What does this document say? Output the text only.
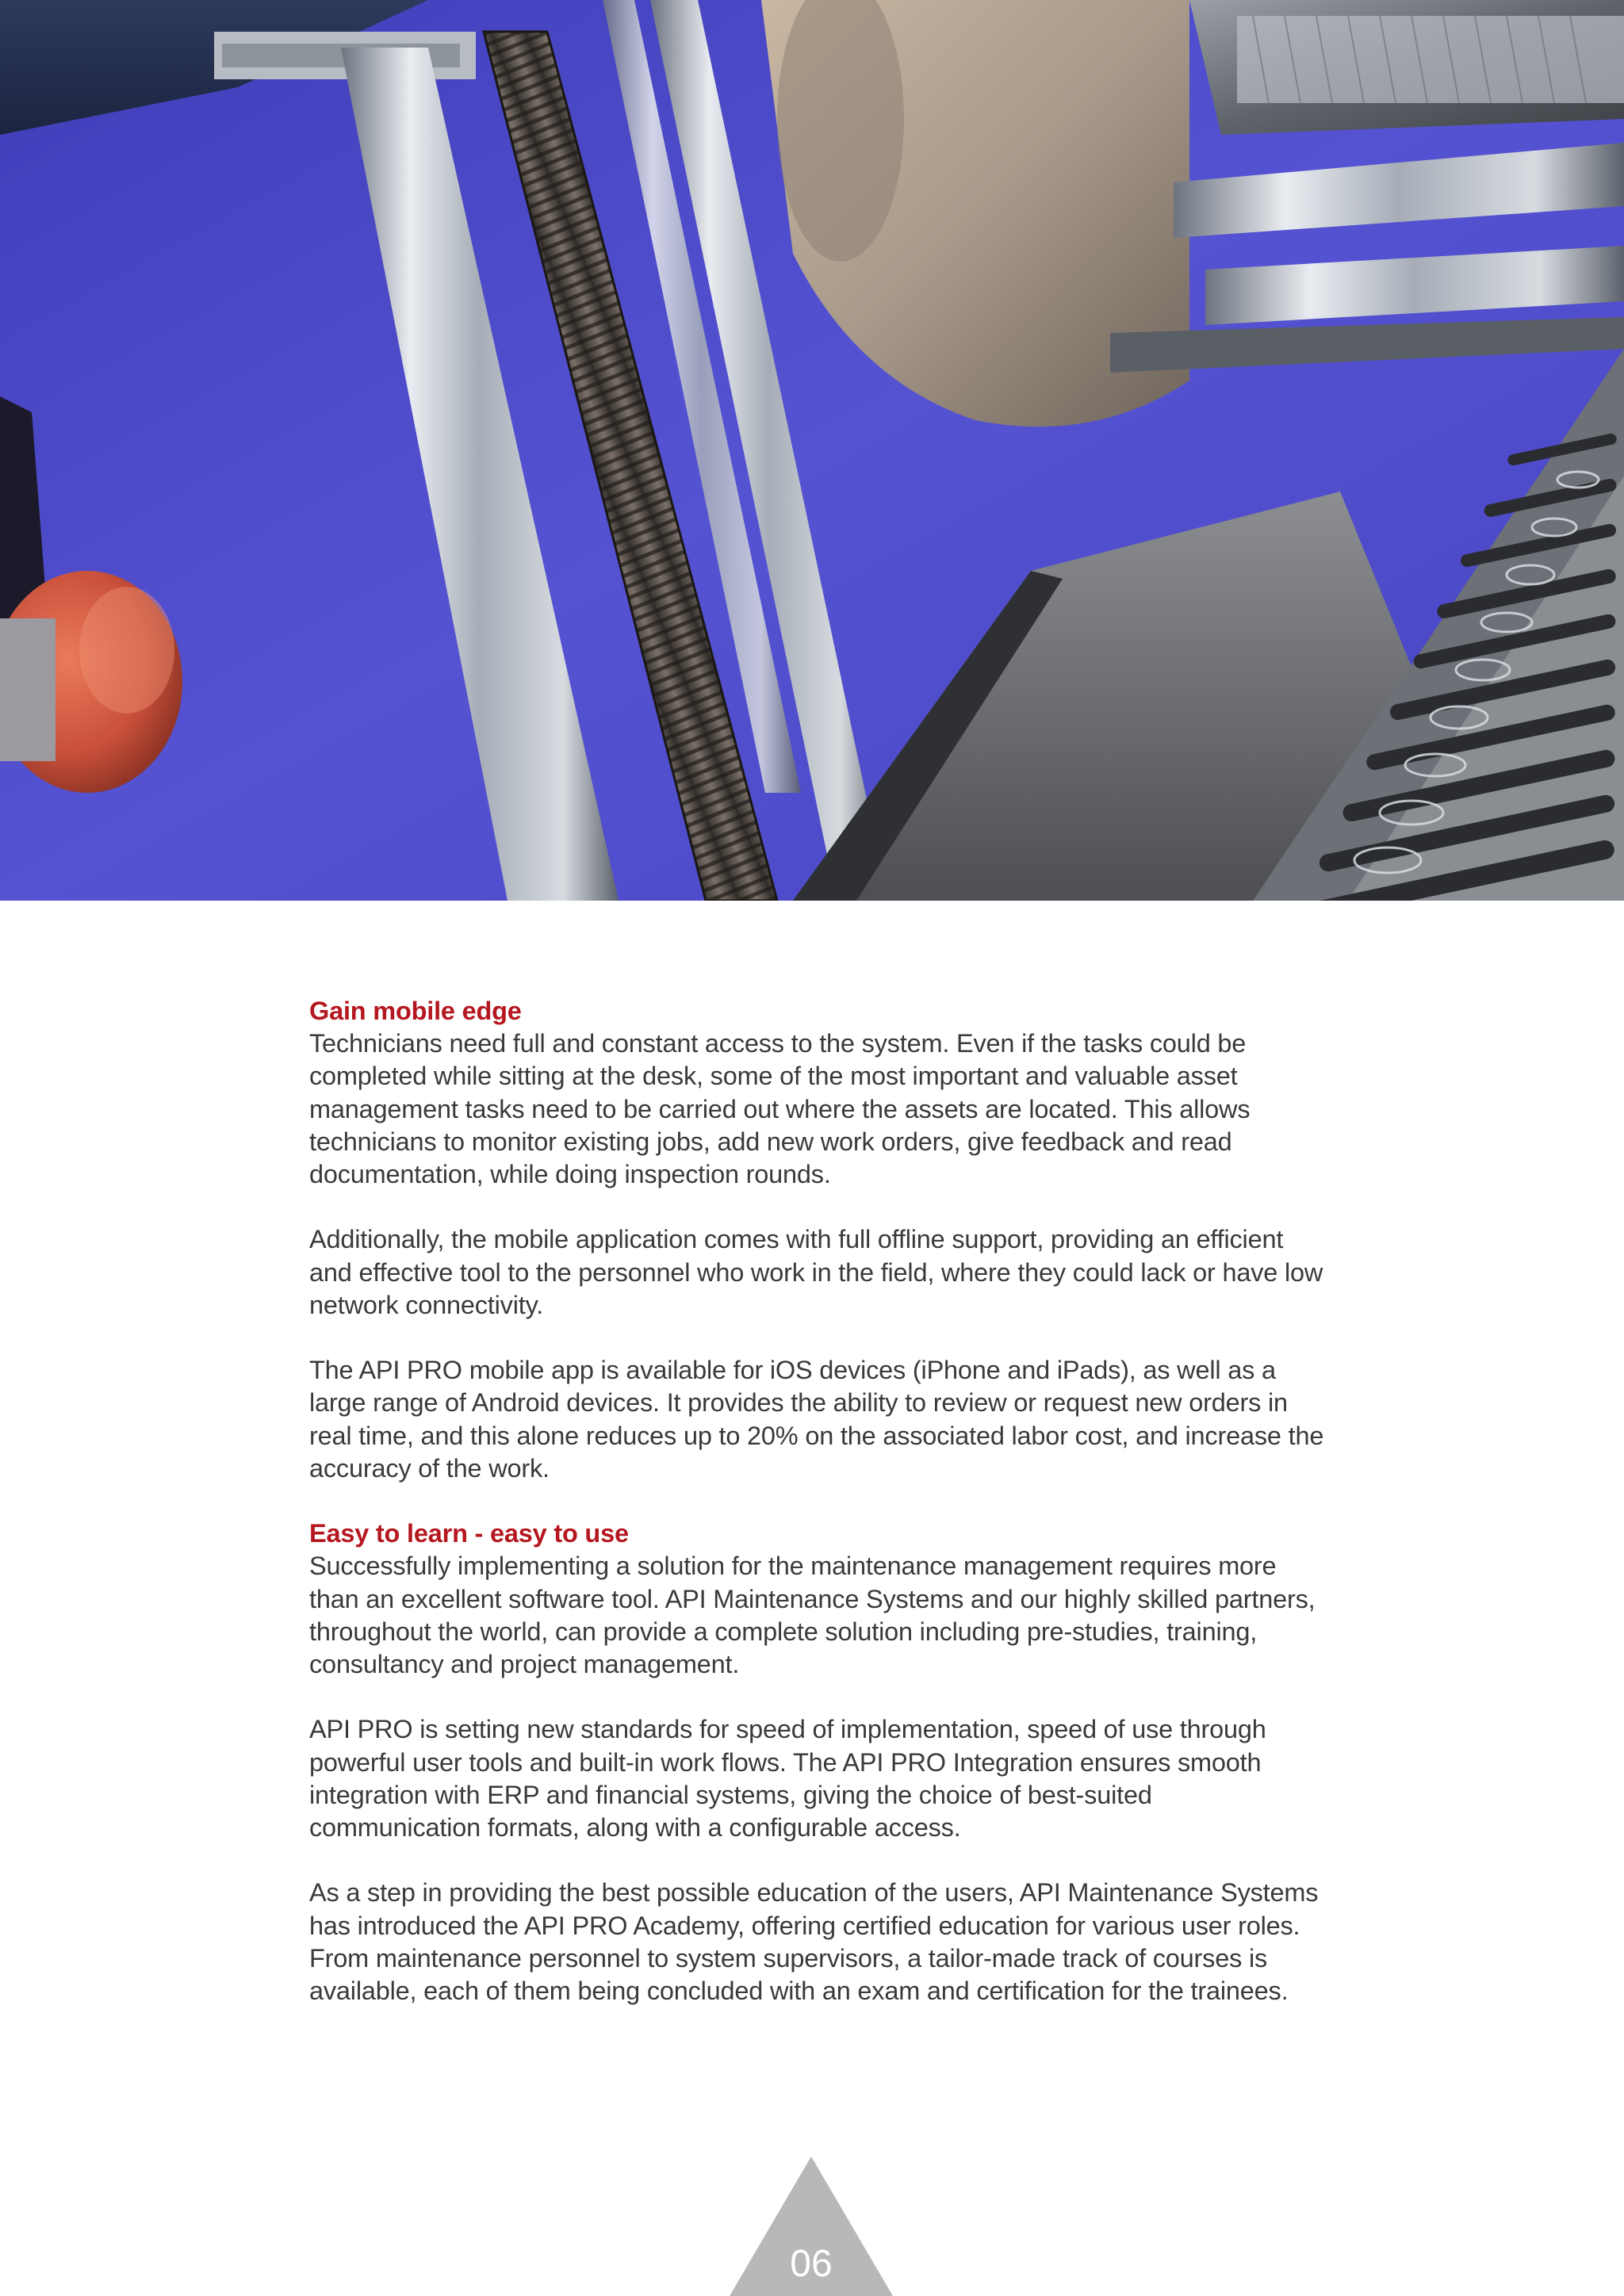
Gain mobile edge

Technicians need full and constant access to the system. Even if the tasks could be completed while sitting at the desk, some of the most important and valuable asset management tasks need to be carried out where the assets are located. This allows technicians to monitor existing jobs, add new work orders, give feedback and read documentation, while doing inspection rounds.

Additionally, the mobile application comes with full offline support, providing an efficient and effective tool to the personnel who work in the field, where they could lack or have low network connectivity.

The API PRO mobile app is available for iOS devices (iPhone and iPads), as well as a large range of Android devices. It provides the ability to review or request new orders in real time, and this alone reduces up to 20% on the associated labor cost, and increase the accuracy of the work.

Easy to learn - easy to use

Successfully implementing a solution for the maintenance management requires more than an excellent software tool. API Maintenance Systems and our highly skilled partners, throughout the world, can provide a complete solution including pre-studies, training, consultancy and project management.

API PRO is setting new standards for speed of implementation, speed of use through powerful user tools and built-in work flows. The API PRO Integration ensures smooth integration with ERP and financial systems, giving the choice of best-suited communication formats, along with a configurable access.

As a step in providing the best possible education of the users, API Maintenance Systems has introduced the API PRO Academy, offering certified education for various user roles. From maintenance personnel to system supervisors, a tailor-made track of courses is available, each of them being concluded with an exam and certification for the trainees.

06
